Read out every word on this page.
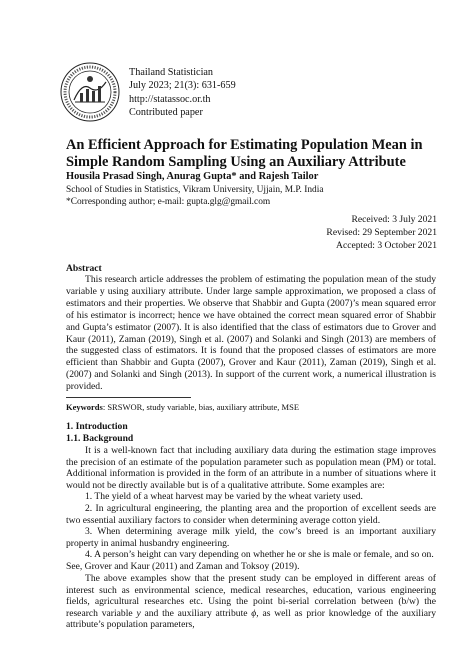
Thailand Statistician
July 2023; 21(3): 631-659
http://statassoc.or.th
Contributed paper
An Efficient Approach for Estimating Population Mean in Simple Random Sampling Using an Auxiliary Attribute
Housila Prasad Singh, Anurag Gupta* and Rajesh Tailor
School of Studies in Statistics, Vikram University, Ujjain, M.P. India
*Corresponding author; e-mail: gupta.glg@gmail.com
Received: 3 July 2021
Revised: 29 September 2021
Accepted: 3 October 2021
Abstract
This research article addresses the problem of estimating the population mean of the study variable y using auxiliary attribute. Under large sample approximation, we proposed a class of estimators and their properties. We observe that Shabbir and Gupta (2007)’s mean squared error of his estimator is incorrect; hence we have obtained the correct mean squared error of Shabbir and Gupta’s estimator (2007). It is also identified that the class of estimators due to Grover and Kaur (2011), Zaman (2019), Singh et al. (2007) and Solanki and Singh (2013) are members of the suggested class of estimators. It is found that the proposed classes of estimators are more efficient than Shabbir and Gupta (2007), Grover and Kaur (2011), Zaman (2019), Singh et al. (2007) and Solanki and Singh (2013). In support of the current work, a numerical illustration is provided.
Keywords: SRSWOR, study variable, bias, auxiliary attribute, MSE
1. Introduction
1.1. Background
It is a well-known fact that including auxiliary data during the estimation stage improves the precision of an estimate of the population parameter such as population mean (PM) or total. Additional information is provided in the form of an attribute in a number of situations where it would not be directly available but is of a qualitative attribute. Some examples are:
1. The yield of a wheat harvest may be varied by the wheat variety used.
2. In agricultural engineering, the planting area and the proportion of excellent seeds are two essential auxiliary factors to consider when determining average cotton yield.
3. When determining average milk yield, the cow’s breed is an important auxiliary property in animal husbandry engineering.
4. A person’s height can vary depending on whether he or she is male or female, and so on.
See, Grover and Kaur (2011) and Zaman and Toksoy (2019).
The above examples show that the present study can be employed in different areas of interest such as environmental science, medical researches, education, various engineering fields, agricultural researches etc. Using the point bi-serial correlation between (b/w) the research variable y and the auxiliary attribute ϕ, as well as prior knowledge of the auxiliary attribute’s population parameters,
